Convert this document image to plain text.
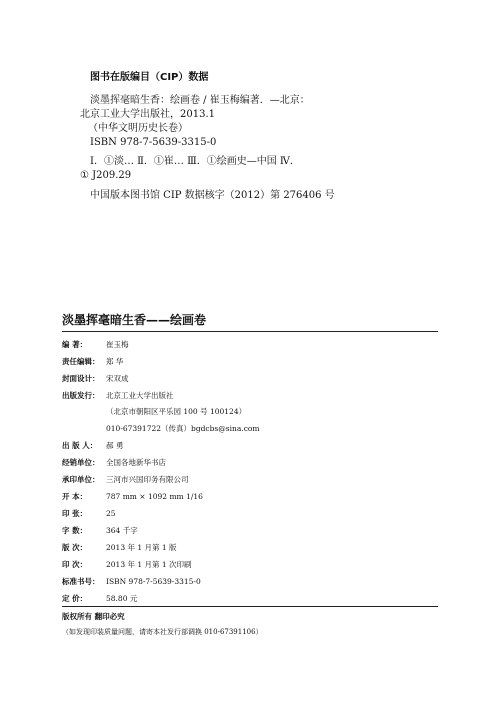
图书在版编目（CIP）数据
淡墨挥毫暗生香：绘画卷 / 崔玉梅编著．—北京：
北京工业大学出版社，2013.1
（中华文明历史长卷）
ISBN 978-7-5639-3315-0
Ⅰ．①淡… Ⅱ．①崔… Ⅲ．①绘画史—中国 Ⅳ．
① J209.29
中国版本图书馆 CIP 数据核字（2012）第 276406 号
淡墨挥毫暗生香——绘画卷
编 著：	崔玉梅
责任编辑： 郑 华
封面设计： 宋双成
出版发行： 北京工业大学出版社
（北京市朝阳区平乐园 100 号 100124）
010-67391722（传真）bgdcbs@sina.com
出 版 人： 郝 勇
经销单位： 全国各地新华书店
承印单位： 三河市兴国印务有限公司
开 本：	787 mm × 1092 mm 1/16
印 张：	25
字 数：	364 千字
版 次：	2013 年 1 月第 1 版
印 次：	2013 年 1 月第 1 次印刷
标准书号： ISBN 978-7-5639-3315-0
定 价：	58.80 元
版权所有 翻印必究
（如发现印装质量问题，请寄本社发行部调换 010-67391106）
